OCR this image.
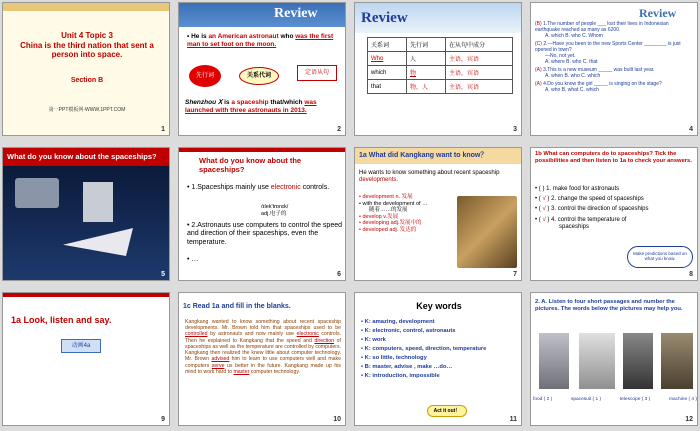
Unit 4 Topic 3
China is the third nation that sent a
person into space.
Section B
第一PPT模板网-WWW.1PPT.COM
1
Review
• He is an American astronaut who was the first man to set foot on the moon.
先行词	关系代词	定语从句
Shenzhou Ⅹ is a spaceship that/which was launched with three astronauts in 2013.
2
Review
关系词	先行词	在从句中成分
Who	人	主语，宾语
which	物	主语，宾语
that	物，人	主语，宾语
3
Review
(B) 1.The number of people ___ lost their lives in Indonesian earthquake reached as many as 6200.
A. which B. who C. Whom
(C) 2.—Have you been to the new Sports Center ________ is just opened in town?
—No, not yet.
A. where B. who C. that
(A) 3.This is a new museum _____ was built last year.
A. when B. who C. which
(A) 4.Do you know the girl _____ is singing on the stage?
A. who B. what C. which
4
What do you know about the spaceships?
5
What do you know about the spaceships?
• 1.Spaceships mainly use electronic controls.
/ɪlek'trɒnɪk/
adj.电子的
• 2.Astronauts use computers to control the speed and direction of their spaceships, even the temperature.
• …
6
1a What did Kangkang want to know？
He wants to know something about recent spaceship developments.
• development n. 发展
• with the development of …
随着……的发展
• develop v.发展
• developing adj.发展中的
• developed adj. 发达的
7
1b What can computers do to spaceships? Tick the possibilities and then listen to 1a to check your answers.
• ( ) 1. make food for astronauts
• ( √ ) 2. change the speed of spaceships
• ( √ ) 3. control the direction of spaceships
• ( √ ) 4. control the temperature of
spaceships
Make predictions based on what you know.
8
1a Look, listen and say.
动画4a
9
1c Read 1a and fill in the blanks.
Kangkang wanted to know something about recent spaceship developments. Mr. Brown told him that spaceships used to be controlled by astronauts and now mainly use electronic controls. Then he explained to Kangkang that the speed and direction of spaceships as well as the temperature are controlled by computers. Kangkang then realized the knew little about computer technology. Mr. Brown advised him to learn to use computers well and make computers serve us better in the future. Kangkang made up his mind to work hard to master computer technology.
10
Key words
• K: amazing, development
• K: electronic, control, astronauts
• K: work
• K: computers, speed, direction, temperature
• K: so little, technology
• B: master, advise , make …do…
• K: introduction, impossible
Act it out！
11
2. A. Listen to four short passages and number the pictures. The words below the pictures may help you.
food ( 2 )	spacesuit ( 1 )	telescope ( 3 )	machine ( 4 )
12
